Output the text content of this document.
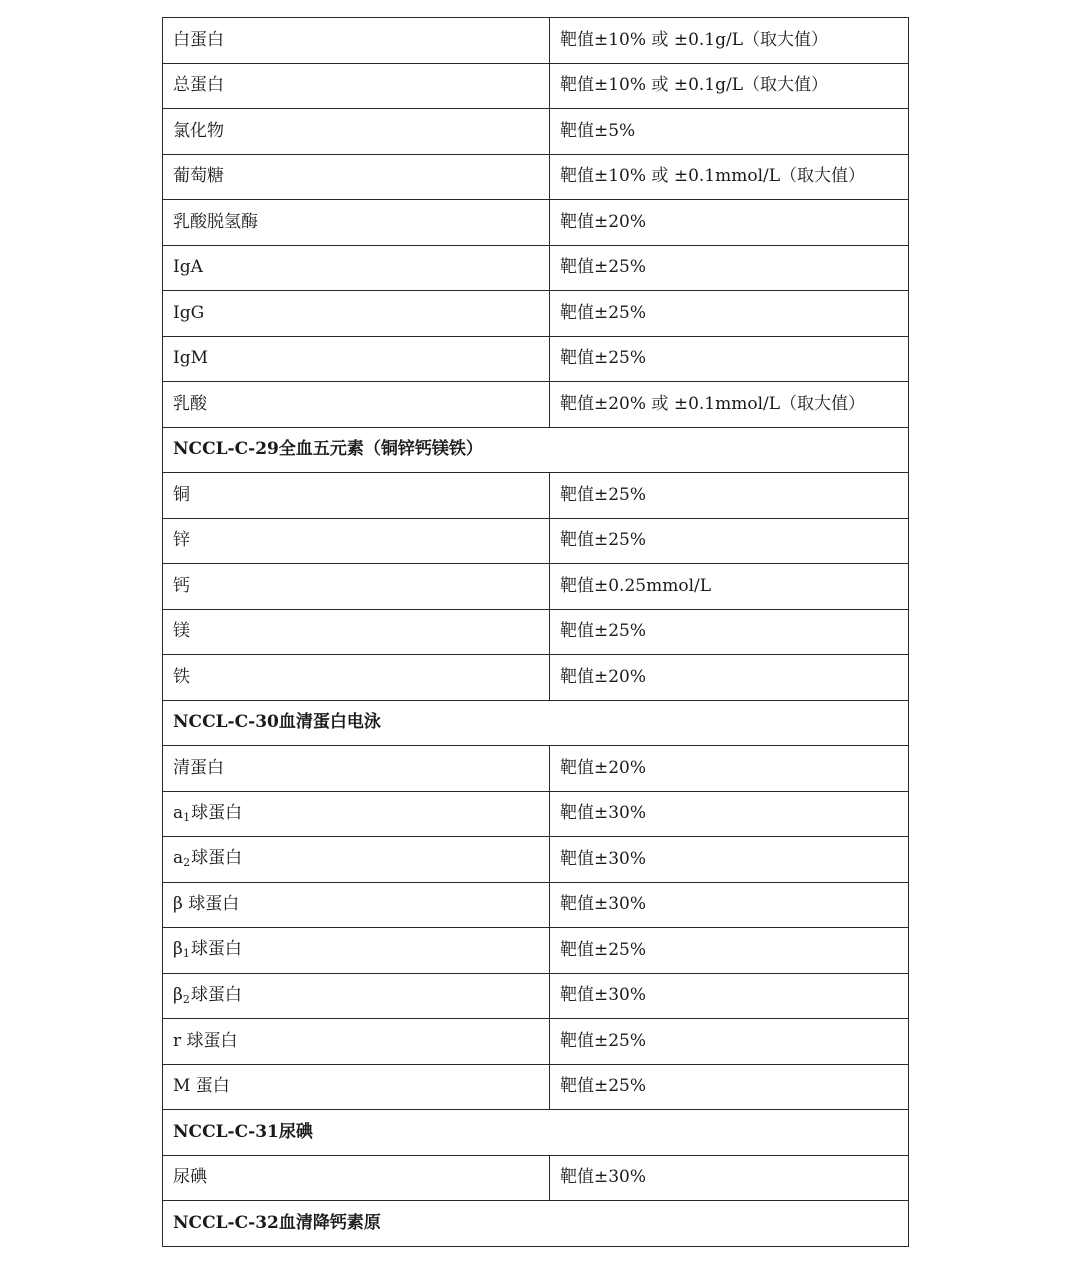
白蛋白	靶值±10% 或 ±0.1g/L（取大值）
总蛋白	靶值±10% 或 ±0.1g/L（取大值）
氯化物	靶值±5%
葡萄糖	靶值±10% 或 ±0.1mmol/L（取大值）
乳酸脱氢酶	靶值±20%
IgA	靶值±25%
IgG	靶值±25%
IgM	靶值±25%
乳酸	靶值±20% 或 ±0.1mmol/L（取大值）
NCCL-C-29全血五元素（铜锌钙镁铁）	
铜	靶值±25%
锌	靶值±25%
钙	靶值±0.25mmol/L
镁	靶值±25%
铁	靶值±20%
NCCL-C-30血清蛋白电泳	
清蛋白	靶值±20%
$a_1$球蛋白	靶值±30%
$a_2$球蛋白	靶值±30%
β 球蛋白	靶值±30%
$\beta_1$球蛋白	靶值±25%
$\beta_2$球蛋白	靶值±30%
r 球蛋白	靶值±25%
M 蛋白	靶值±25%
NCCL-C-31尿碘	
尿碘	靶值±30%
NCCL-C-32血清降钙素原	
